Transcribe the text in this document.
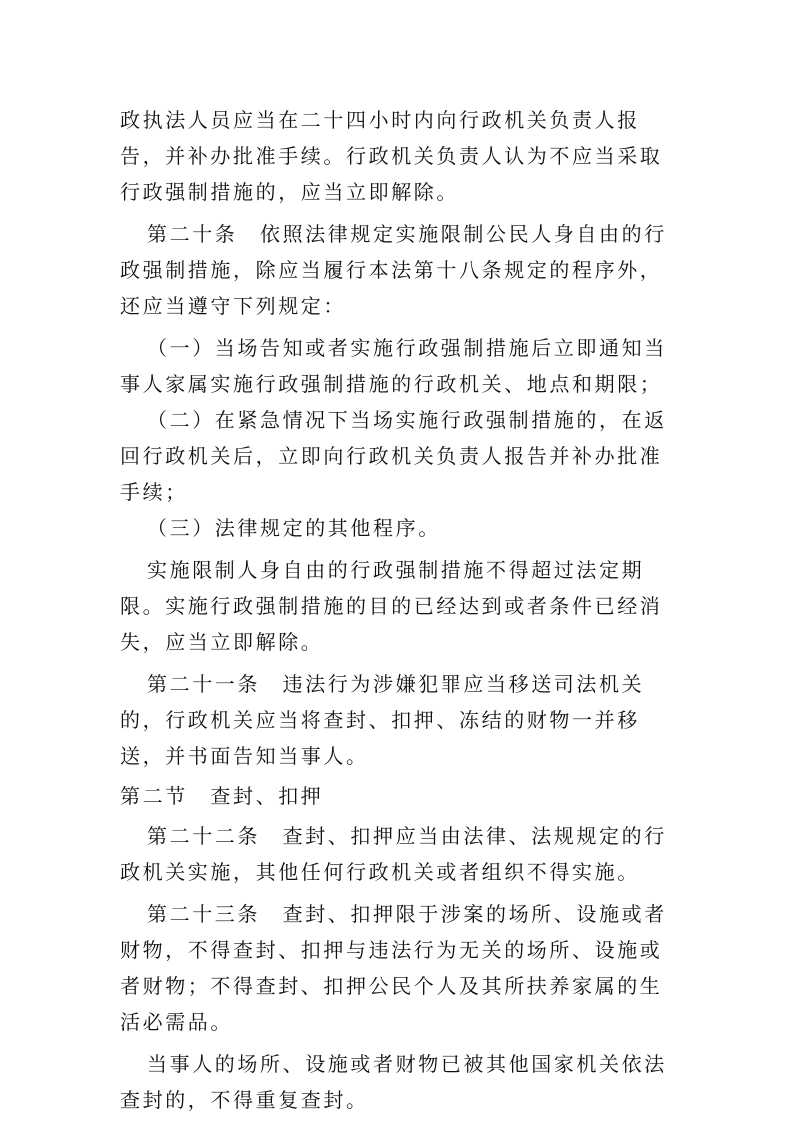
政执法人员应当在二十四小时内向行政机关负责人报告，并补办批准手续。行政机关负责人认为不应当采取行政强制措施的，应当立即解除。

第二十条　依照法律规定实施限制公民人身自由的行政强制措施，除应当履行本法第十八条规定的程序外，还应当遵守下列规定：

（一）当场告知或者实施行政强制措施后立即通知当事人家属实施行政强制措施的行政机关、地点和期限；

（二）在紧急情况下当场实施行政强制措施的，在返回行政机关后，立即向行政机关负责人报告并补办批准手续；

（三）法律规定的其他程序。

实施限制人身自由的行政强制措施不得超过法定期限。实施行政强制措施的目的已经达到或者条件已经消失，应当立即解除。

第二十一条　违法行为涉嫌犯罪应当移送司法机关的，行政机关应当将查封、扣押、冻结的财物一并移送，并书面告知当事人。

第二节　查封、扣押

第二十二条　查封、扣押应当由法律、法规规定的行政机关实施，其他任何行政机关或者组织不得实施。

第二十三条　查封、扣押限于涉案的场所、设施或者财物，不得查封、扣押与违法行为无关的场所、设施或者财物；不得查封、扣押公民个人及其所扶养家属的生活必需品。

当事人的场所、设施或者财物已被其他国家机关依法查封的，不得重复查封。
